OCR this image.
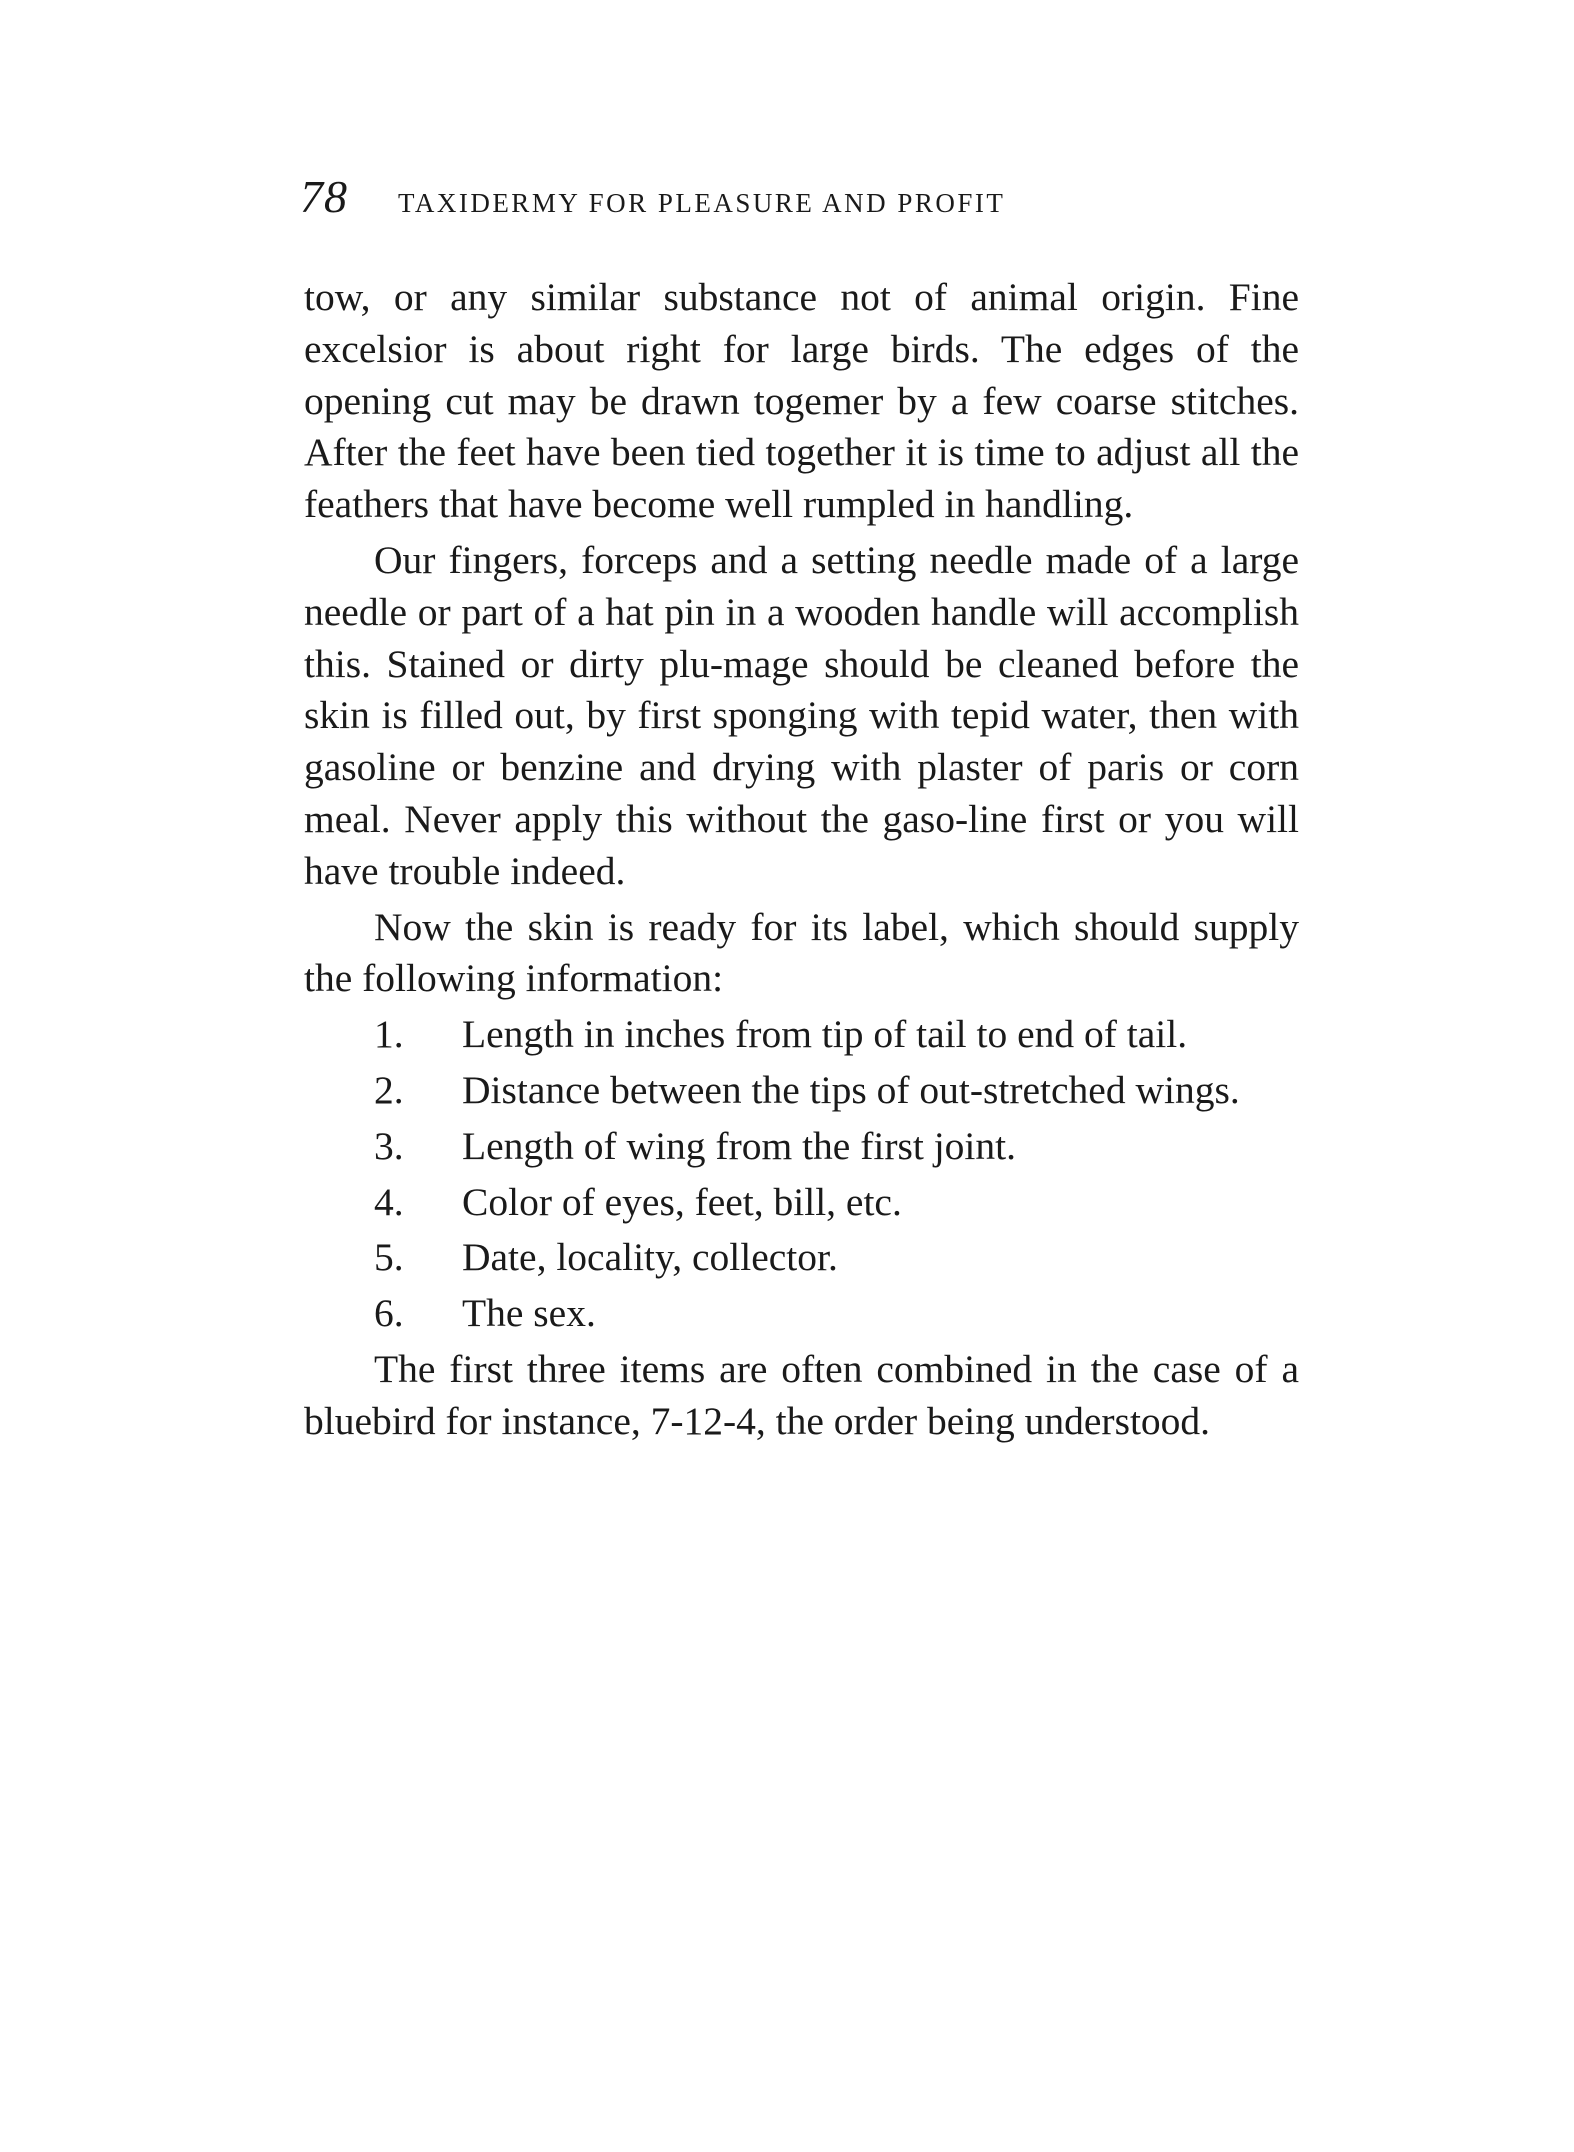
78 TAXIDERMY FOR PLEASURE AND PROFIT

tow, or any similar substance not of animal origin. Fine excelsior is about right for large birds. The edges of the opening cut may be drawn togemer by a few coarse stitches. After the feet have been tied together it is time to adjust all the feathers that have become well rumpled in handling.

Our fingers, forceps and a setting needle made of a large needle or part of a hat pin in a wooden handle will accomplish this. Stained or dirty plu-mage should be cleaned before the skin is filled out, by first sponging with tepid water, then with gasoline or benzine and drying with plaster of paris or corn meal. Never apply this without the gaso-line first or you will have trouble indeed.

Now the skin is ready for its label, which should supply the following information:

1. Length in inches from tip of tail to end of tail.

2. Distance between the tips of out-stretched wings.

3. Length of wing from the first joint.

4. Color of eyes, feet, bill, etc.

5. Date, locality, collector.

6. The sex.

The first three items are often combined in the case of a bluebird for instance, 7-12-4, the order being understood.
